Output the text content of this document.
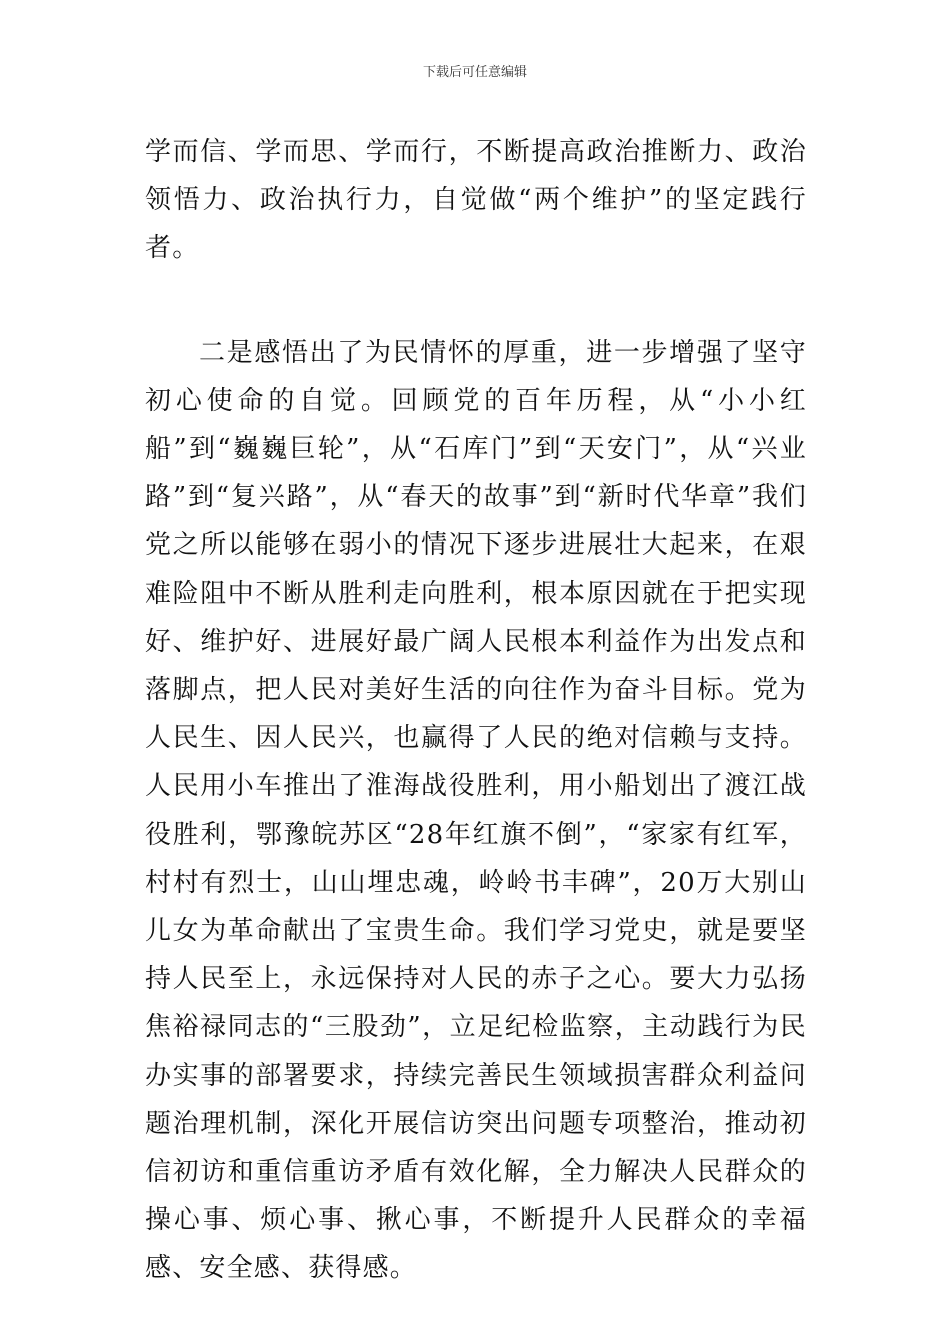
下载后可任意编辑

学而信、学而思、学而行，不断提高政治推断力、政治领悟力、政治执行力，自觉做“两个维护”的坚定践行者。

二是感悟出了为民情怀的厚重，进一步增强了坚守初心使命的自觉。回顾党的百年历程，从“小小红船”到“巍巍巨轮”，从“石库门”到“天安门”，从“兴业路”到“复兴路”，从“春天的故事”到“新时代华章”我们党之所以能够在弱小的情况下逐步进展壮大起来，在艰难险阻中不断从胜利走向胜利，根本原因就在于把实现好、维护好、进展好最广阔人民根本利益作为出发点和落脚点，把人民对美好生活的向往作为奋斗目标。党为人民生、因人民兴，也赢得了人民的绝对信赖与支持。人民用小车推出了淮海战役胜利，用小船划出了渡江战役胜利，鄂豫皖苏区“28年红旗不倒”，“家家有红军，村村有烈士，山山埋忠魂，岭岭书丰碑”，20万大别山儿女为革命献出了宝贵生命。我们学习党史，就是要坚持人民至上，永远保持对人民的赤子之心。要大力弘扬焦裕禄同志的“三股劲”，立足纪检监察，主动践行为民办实事的部署要求，持续完善民生领域损害群众利益问题治理机制，深化开展信访突出问题专项整治，推动初信初访和重信重访矛盾有效化解，全力解决人民群众的操心事、烦心事、揪心事，不断提升人民群众的幸福感、安全感、获得感。
